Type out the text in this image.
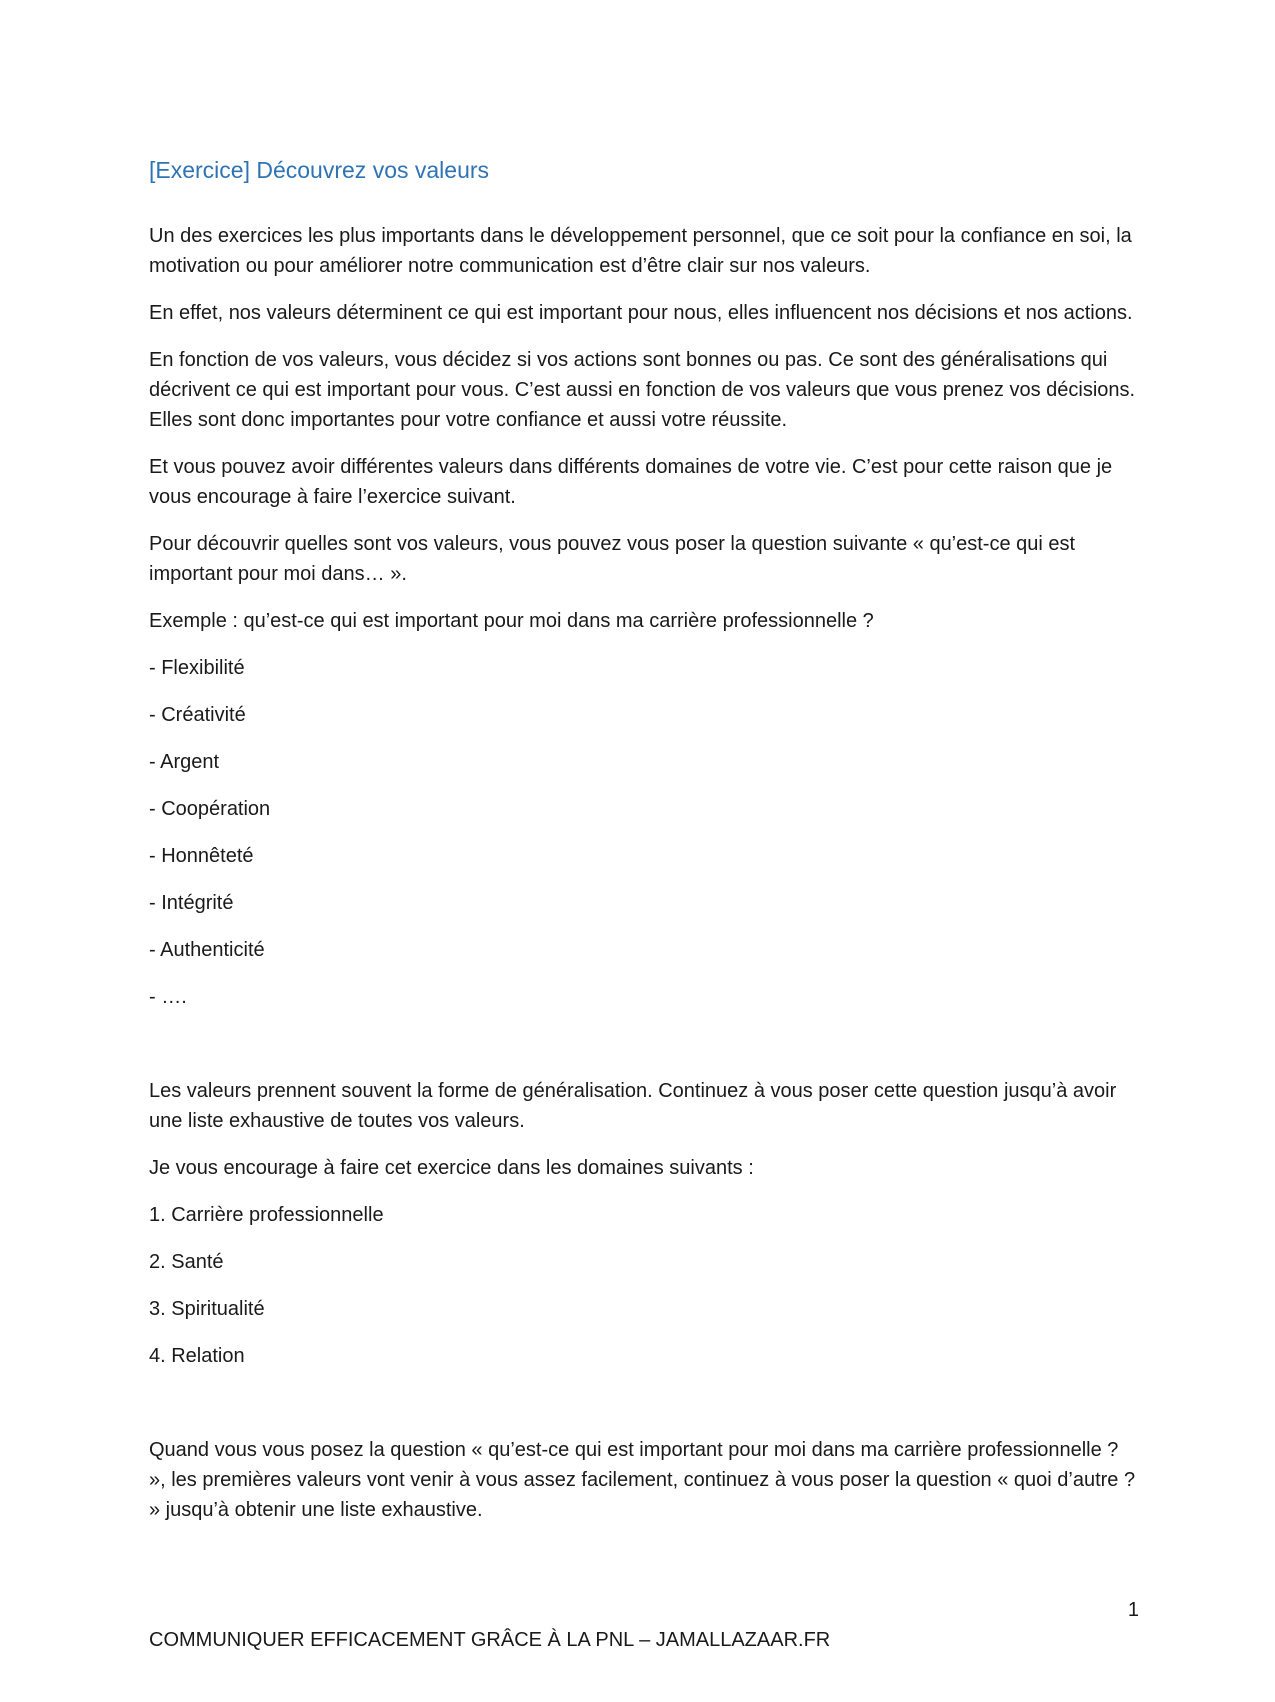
[Exercice] Découvrez vos valeurs

Un des exercices les plus importants dans le développement personnel, que ce soit pour la confiance en soi, la motivation ou pour améliorer notre communication est d’être clair sur nos valeurs.

En effet, nos valeurs déterminent ce qui est important pour nous, elles influencent nos décisions et nos actions.

En fonction de vos valeurs, vous décidez si vos actions sont bonnes ou pas. Ce sont des généralisations qui décrivent ce qui est important pour vous. C’est aussi en fonction de vos valeurs que vous prenez vos décisions. Elles sont donc importantes pour votre confiance et aussi votre réussite.

Et vous pouvez avoir différentes valeurs dans différents domaines de votre vie. C’est pour cette raison que je vous encourage à faire l’exercice suivant.

Pour découvrir quelles sont vos valeurs, vous pouvez vous poser la question suivante « qu’est-ce qui est important pour moi dans… ».

Exemple : qu’est-ce qui est important pour moi dans ma carrière professionnelle ?

- Flexibilité

- Créativité

- Argent

- Coopération

- Honnêteté

- Intégrité

- Authenticité

- ….

Les valeurs prennent souvent la forme de généralisation. Continuez à vous poser cette question jusqu’à avoir une liste exhaustive de toutes vos valeurs.

Je vous encourage à faire cet exercice dans les domaines suivants :

1. Carrière professionnelle

2. Santé

3. Spiritualité

4. Relation

Quand vous vous posez la question « qu’est-ce qui est important pour moi dans ma carrière professionnelle ? », les premières valeurs vont venir à vous assez facilement, continuez à vous poser la question « quoi d’autre ? » jusqu’à obtenir une liste exhaustive.

1
COMMUNIQUER EFFICACEMENT GRÂCE À LA PNL – JAMALLAZAAR.FR
